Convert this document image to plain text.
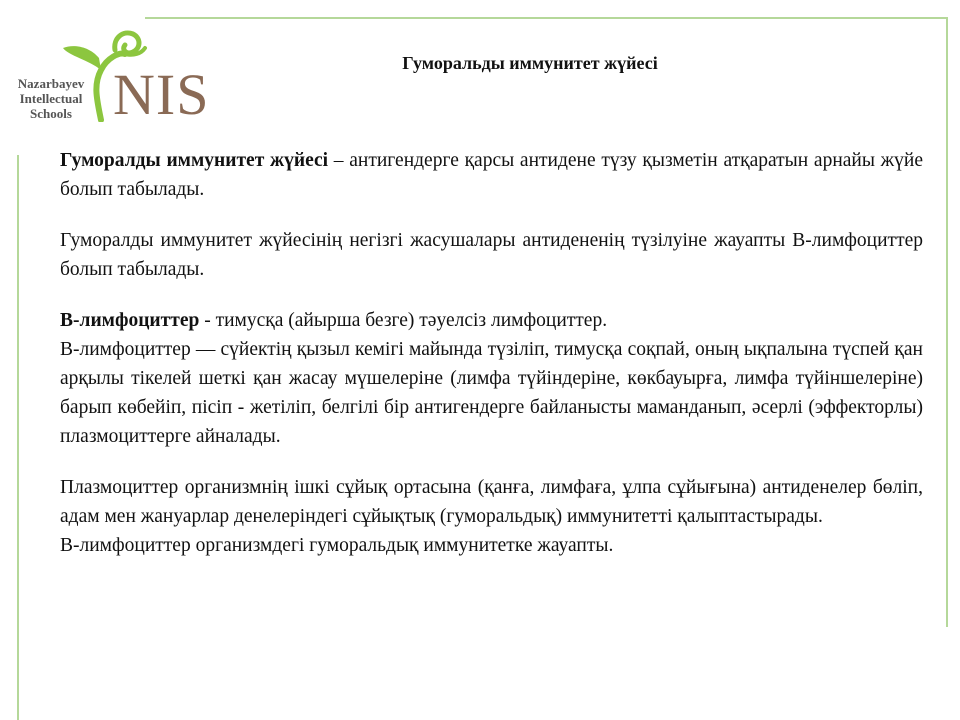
Nazarbayev
Intellectual
Schools NIS	Гуморальды иммунитет жүйесі

Гуморалды иммунитет жүйесі – антигендерге қарсы антидене түзу қызметін атқаратын арнайы жүйе болып табылады.

Гуморалды иммунитет жүйесінің негізгі жасушалары антидененің түзілуіне жауапты В-лимфоциттер болып табылады.

В-лимфоциттер - тимусқа (айырша безге) тәуелсіз лимфоциттер.

В-лимфоциттер — сүйектің қызыл кемігі майында түзіліп, тимусқа соқпай, оның ықпалына түспей қан арқылы тікелей шеткі қан жасау мүшелеріне (лимфа түйіндеріне, көкбауырға, лимфа түйіншелеріне) барып көбейіп, пісіп - жетіліп, белгілі бір антигендерге байланысты маманданып, әсерлі (эффекторлы) плазмоциттерге айналады.

Плазмоциттер организмнің ішкі сұйық ортасына (қанға, лимфаға, ұлпа сұйығына) антиденелер бөліп, адам мен жануарлар денелеріндегі сұйықтық (гуморальдық) иммунитетті қалыптастырады.

В-лимфоциттер организмдегі гуморальдық иммунитетке жауапты.
